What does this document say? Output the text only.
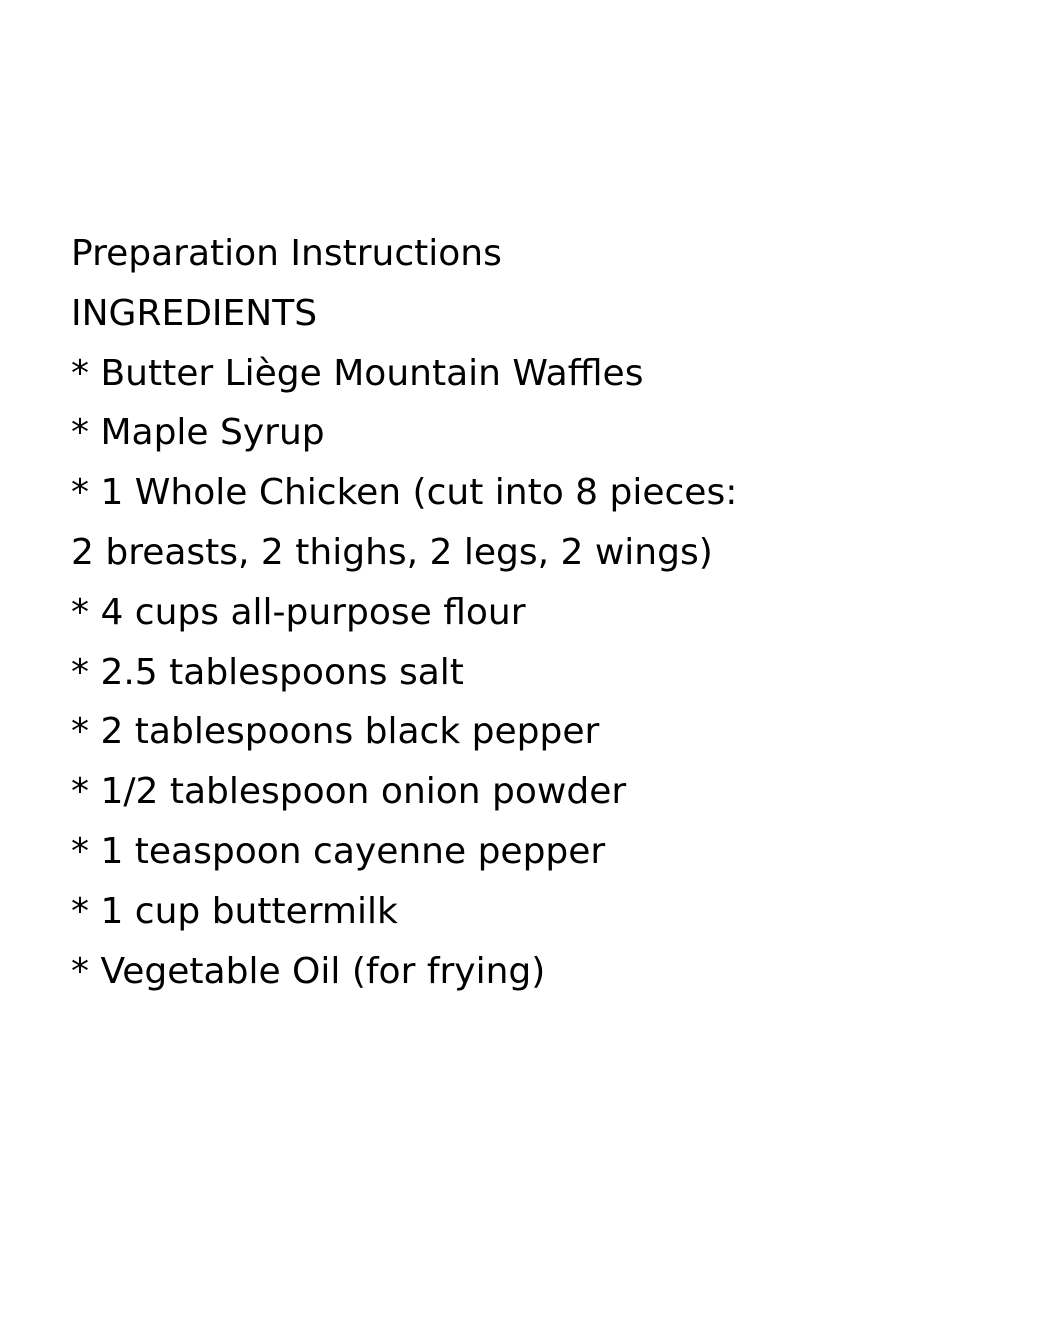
Preparation Instructions
INGREDIENTS
* Butter Liège Mountain Waffles
* Maple Syrup
* 1 Whole Chicken (cut into 8 pieces:
2 breasts, 2 thighs, 2 legs, 2 wings)
* 4 cups all-purpose flour
* 2.5 tablespoons salt
* 2 tablespoons black pepper
* 1/2 tablespoon onion powder
* 1 teaspoon cayenne pepper
* 1 cup buttermilk
* Vegetable Oil (for frying)
